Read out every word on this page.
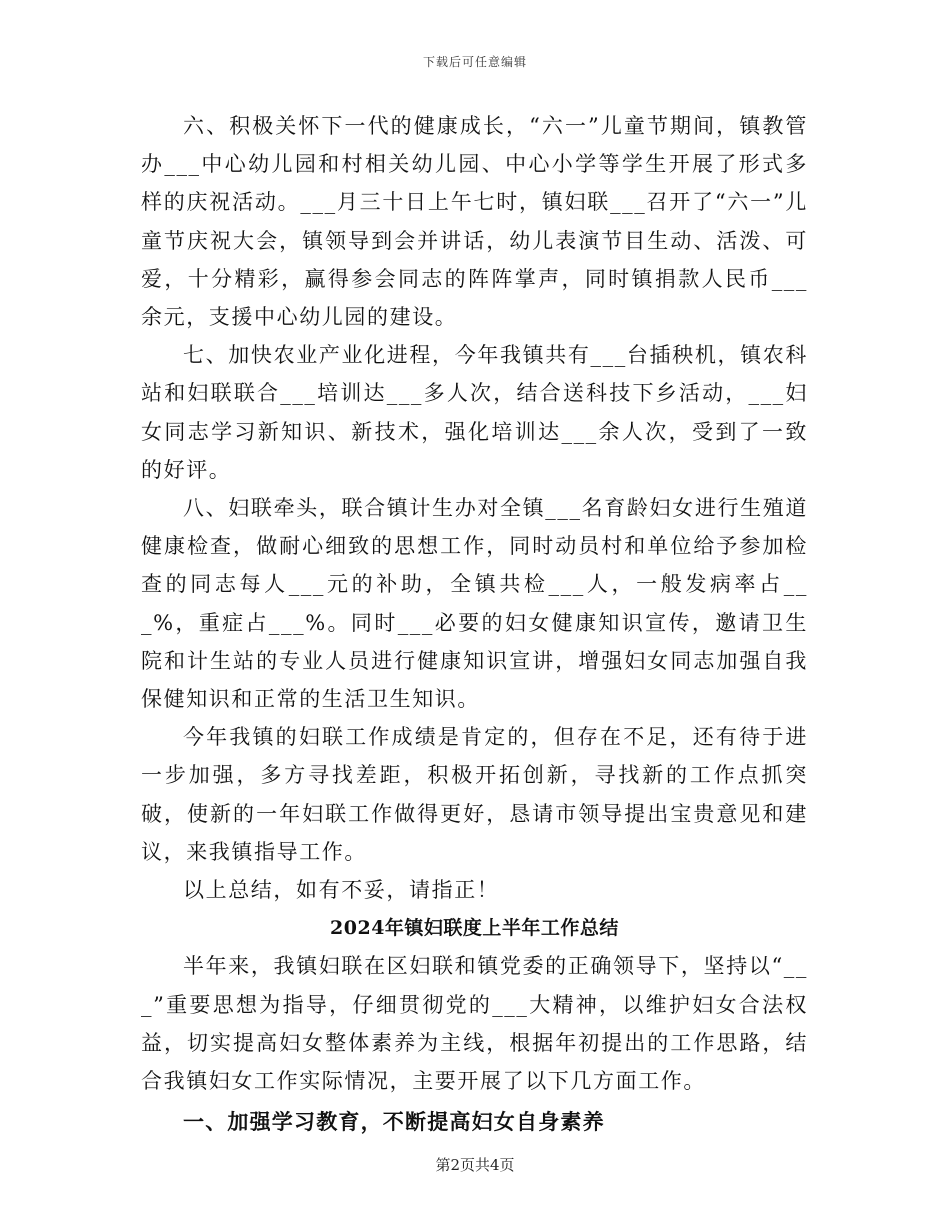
下载后可任意编辑

六、积极关怀下一代的健康成长，“六一”儿童节期间，镇教管办___中心幼儿园和村相关幼儿园、中心小学等学生开展了形式多样的庆祝活动。___月三十日上午七时，镇妇联___召开了“六一”儿童节庆祝大会，镇领导到会并讲话，幼儿表演节目生动、活泼、可爱，十分精彩，赢得参会同志的阵阵掌声，同时镇捐款人民币___余元，支援中心幼儿园的建设。

七、加快农业产业化进程，今年我镇共有___台插秧机，镇农科站和妇联联合___培训达___多人次，结合送科技下乡活动，___妇女同志学习新知识、新技术，强化培训达___余人次，受到了一致的好评。

八、妇联牵头，联合镇计生办对全镇___名育龄妇女进行生殖道健康检查，做耐心细致的思想工作，同时动员村和单位给予参加检查的同志每人___元的补助，全镇共检___人，一般发病率占___%，重症占___%。同时___必要的妇女健康知识宣传，邀请卫生院和计生站的专业人员进行健康知识宣讲，增强妇女同志加强自我保健知识和正常的生活卫生知识。

今年我镇的妇联工作成绩是肯定的，但存在不足，还有待于进一步加强，多方寻找差距，积极开拓创新，寻找新的工作点抓突破，使新的一年妇联工作做得更好，恳请市领导提出宝贵意见和建议，来我镇指导工作。

以上总结，如有不妥，请指正！

2024年镇妇联度上半年工作总结

半年来，我镇妇联在区妇联和镇党委的正确领导下，坚持以“___”重要思想为指导，仔细贯彻党的___大精神，以维护妇女合法权益，切实提高妇女整体素养为主线，根据年初提出的工作思路，结合我镇妇女工作实际情况，主要开展了以下几方面工作。

一、加强学习教育，不断提高妇女自身素养
第2页共4页
